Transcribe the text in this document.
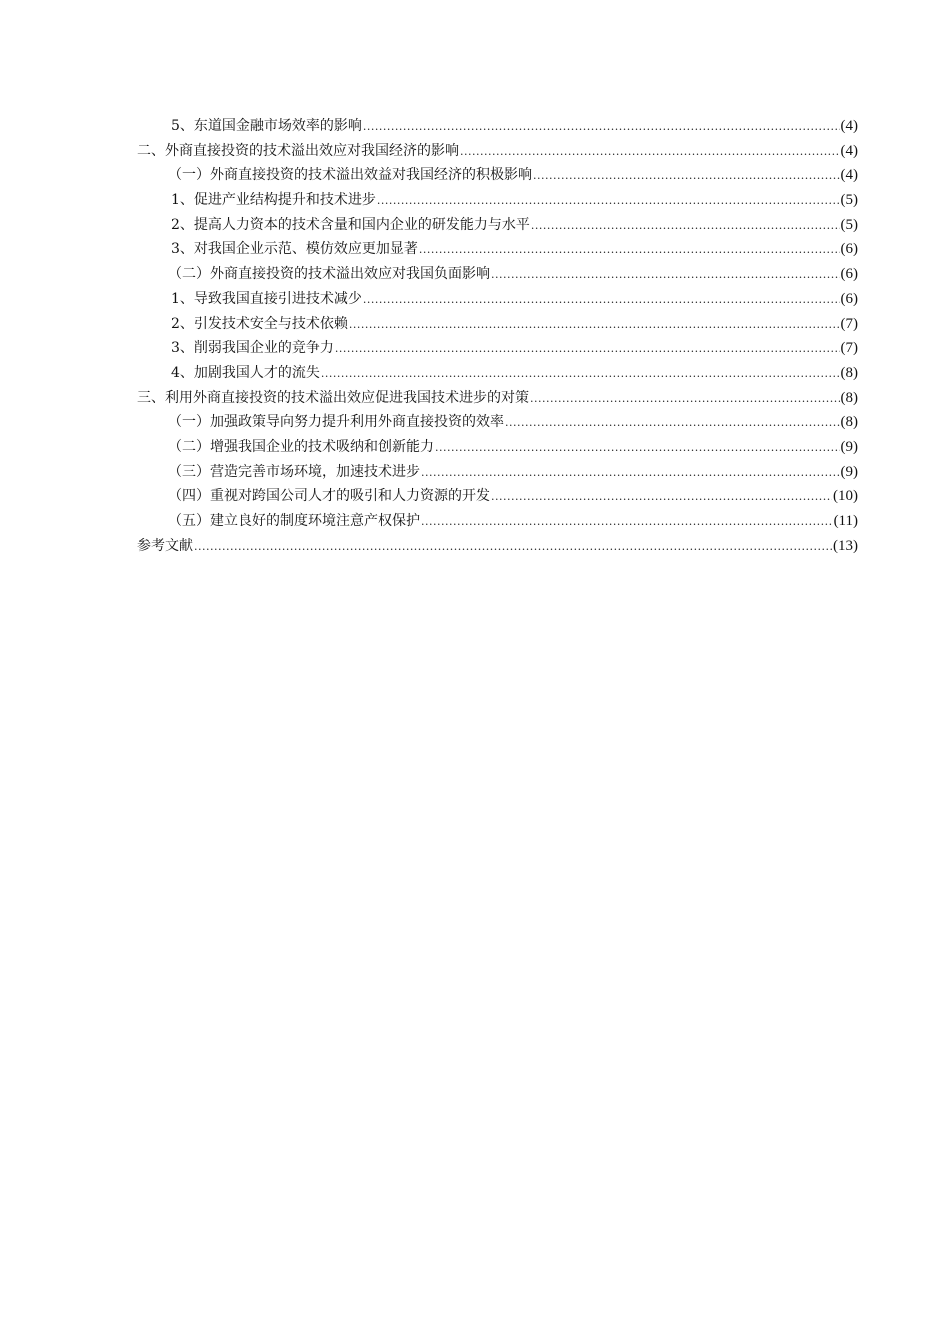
5、东道国金融市场效率的影响 .....	(4)
二、外商直接投资的技术溢出效应对我国经济的影响 .....	(4)
（一）外商直接投资的技术溢出效益对我国经济的积极影响 .....	(4)
1、促进产业结构提升和技术进步 .....	(5)
2、提高人力资本的技术含量和国内企业的研发能力与水平 .....	(5)
3、对我国企业示范、模仿效应更加显著 .....	(6)
（二）外商直接投资的技术溢出效应对我国负面影响 .....	(6)
1、导致我国直接引进技术减少 .....	(6)
2、引发技术安全与技术依赖 .....	(7)
3、削弱我国企业的竞争力 .....	(7)
4、加剧我国人才的流失 .....	(8)
三、利用外商直接投资的技术溢出效应促进我国技术进步的对策 .....	(8)
（一）加强政策导向努力提升利用外商直接投资的效率 .....	(8)
（二）增强我国企业的技术吸纳和创新能力 .....	(9)
（三）营造完善市场环境，加速技术进步 .....	(9)
（四）重视对跨国公司人才的吸引和人力资源的开发 .....	(10)
（五）建立良好的制度环境注意产权保护 .....	(11)
参考文献 .....	(13)
